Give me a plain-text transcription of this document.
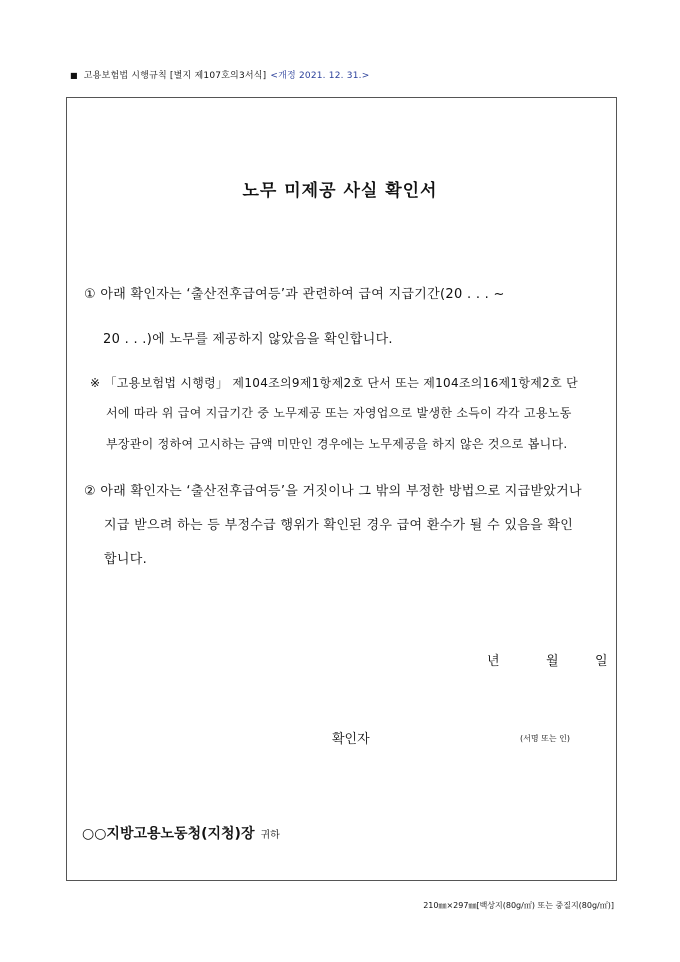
■ 고용보험법 시행규칙 [별지 제107호의3서식] <개정 2021. 12. 31.>
노무 미제공 사실 확인서
① 아래 확인자는 ‘출산전후급여등’과 관련하여 급여 지급기간(20 . . . ~
20 . . .)에 노무를 제공하지 않았음을 확인합니다.
※ 「고용보험법 시행령」 제104조의9제1항제2호 단서 또는 제104조의16제1항제2호 단
서에 따라 위 급여 지급기간 중 노무제공 또는 자영업으로 발생한 소득이 각각 고용노동
부장관이 정하여 고시하는 금액 미만인 경우에는 노무제공을 하지 않은 것으로 봅니다.
② 아래 확인자는 ‘출산전후급여등’을 거짓이나 그 밖의 부정한 방법으로 지급받았거나
지급 받으려 하는 등 부정수급 행위가 확인된 경우 급여 환수가 될 수 있음을 확인
합니다.
년	월	일
확인자	(서명 또는 인)
○○지방고용노동청(지청)장 귀하
210㎜×297㎜[백상지(80g/㎡) 또는 중질지(80g/㎡)]
